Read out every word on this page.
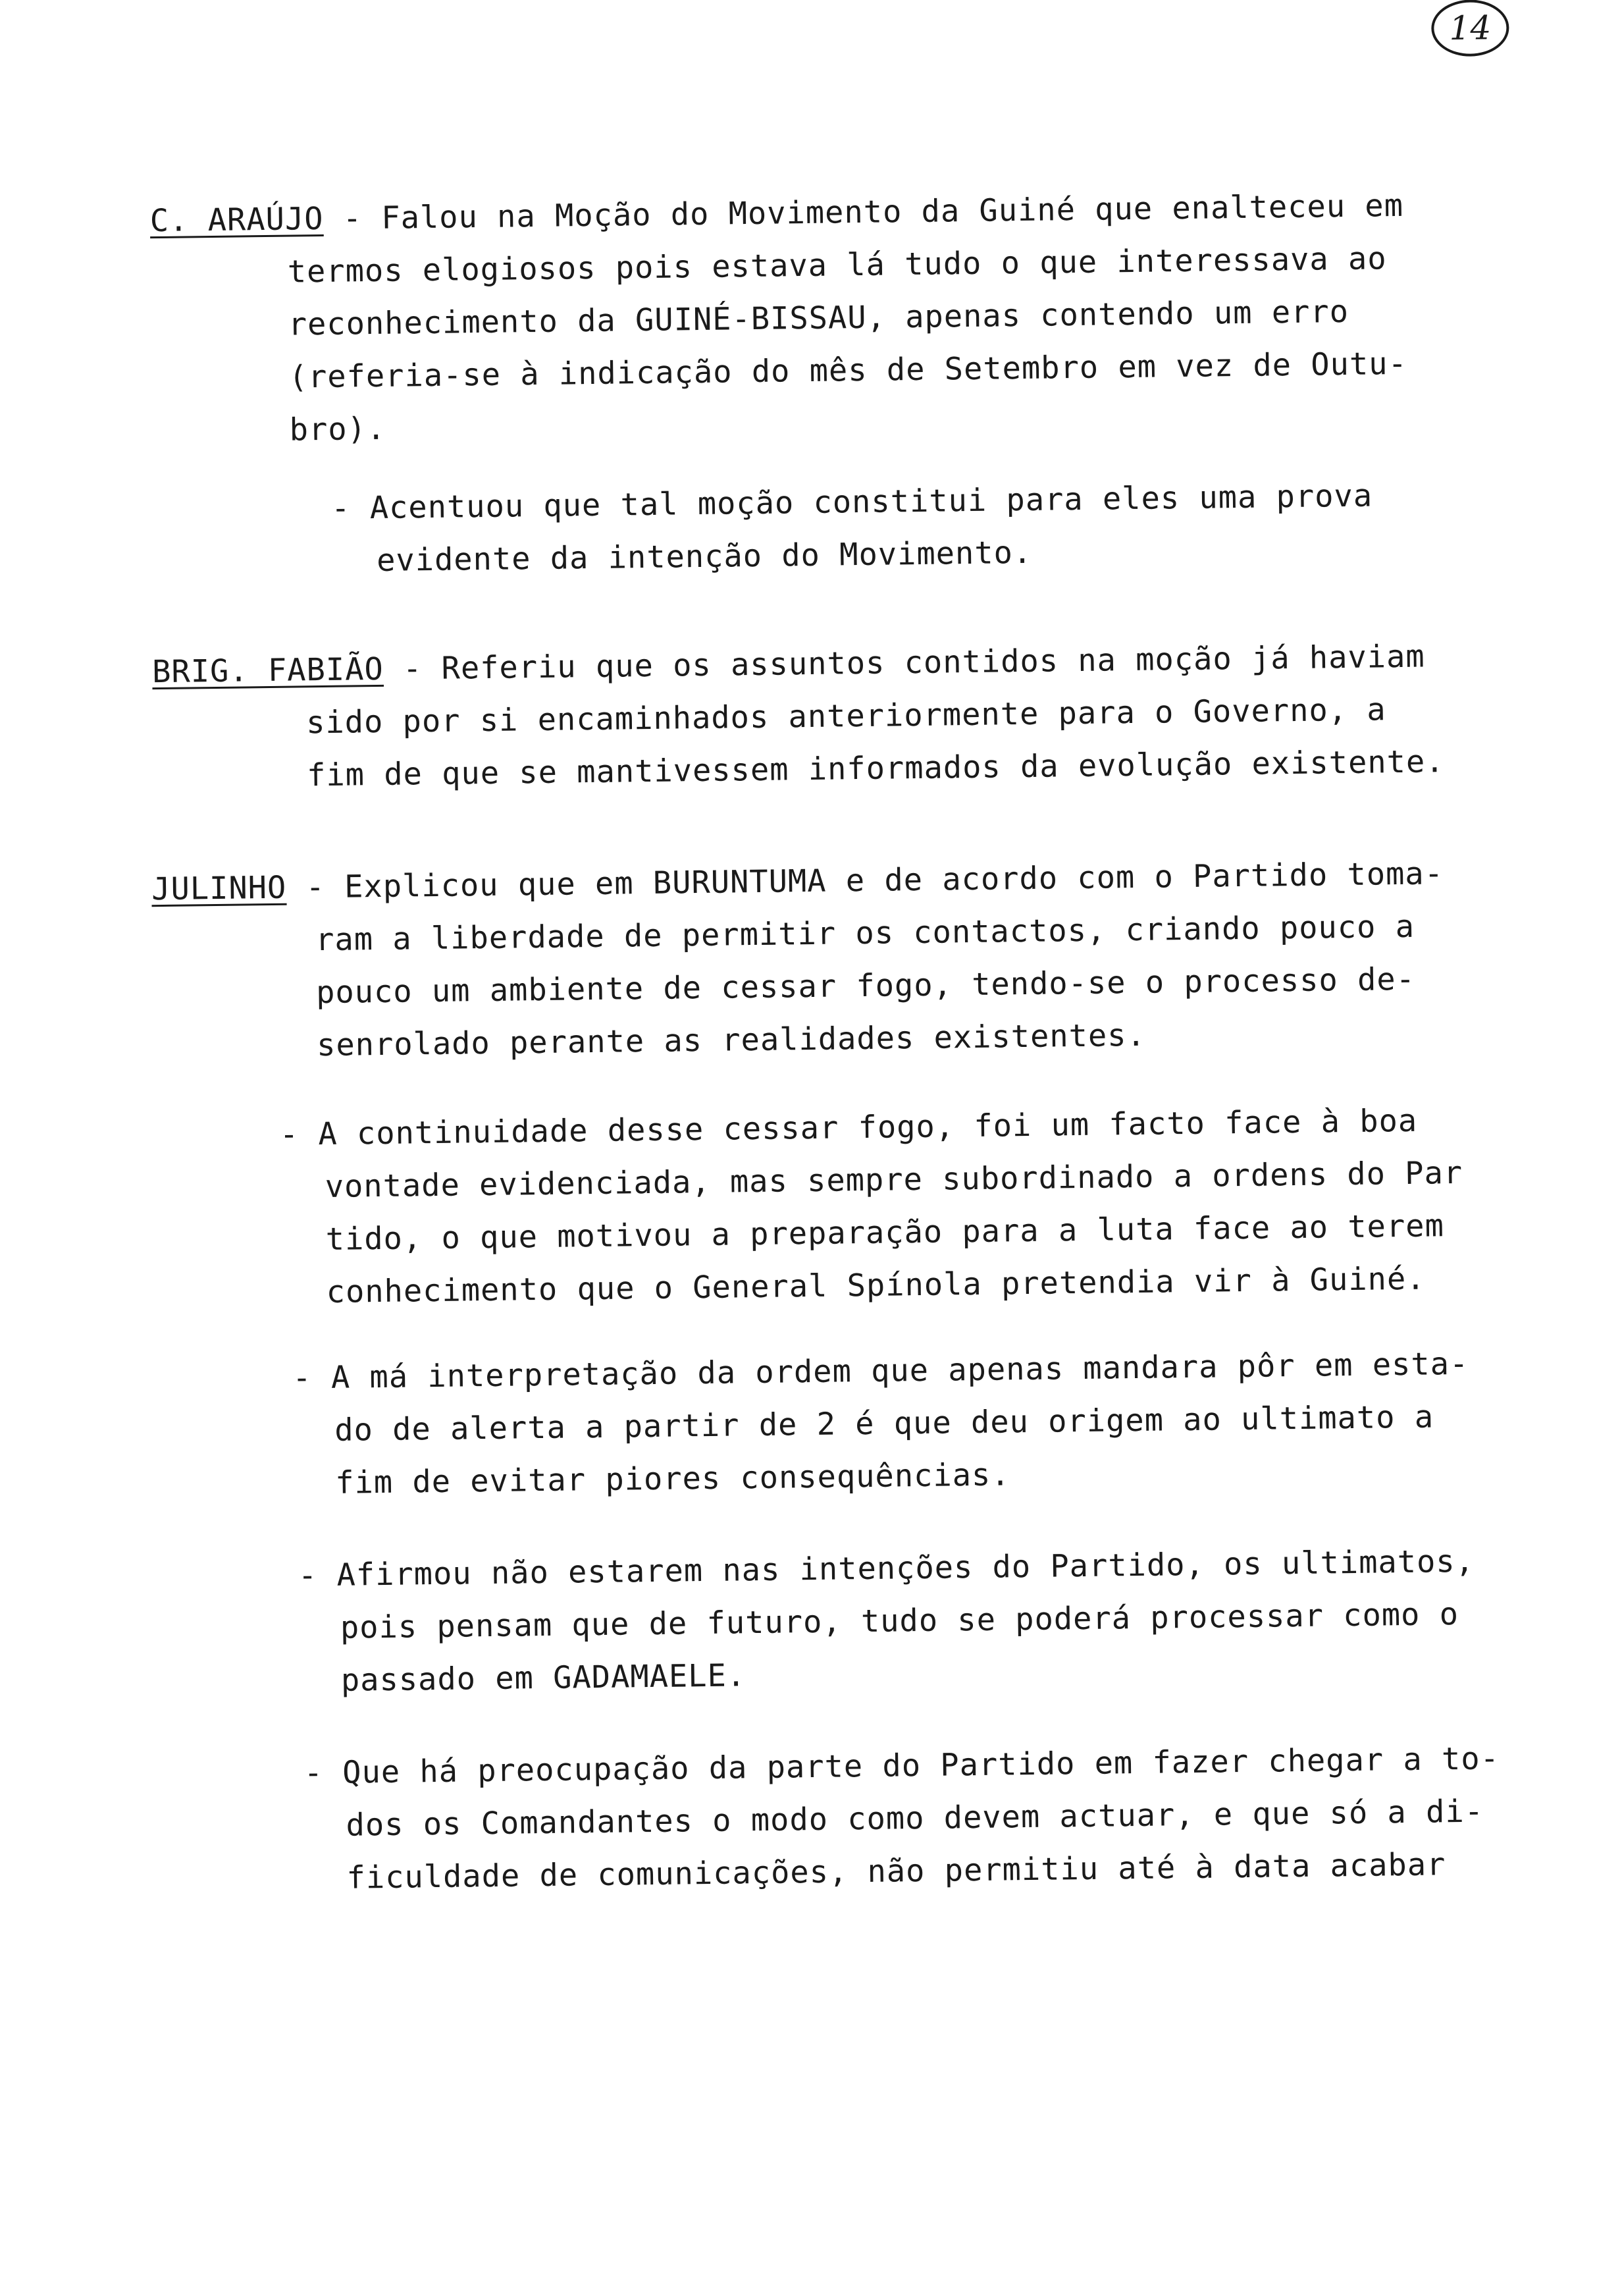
14
C. ARAÚJO - Falou na Moção do Movimento da Guiné que enalteceu em
termos elogiosos pois estava lá tudo o que interessava ao
reconhecimento da GUINÉ-BISSAU, apenas contendo um erro
(referia-se à indicação do mês de Setembro em vez de Outu-
bro).
- Acentuou que tal moção constitui para eles uma prova
evidente da intenção do Movimento.
BRIG. FABIÃO - Referiu que os assuntos contidos na moção já haviam
sido por si encaminhados anteriormente para o Governo, a
fim de que se mantivessem informados da evolução existente.
JULINHO - Explicou que em BURUNTUMA e de acordo com o Partido toma-
ram a liberdade de permitir os contactos, criando pouco a
pouco um ambiente de cessar fogo, tendo-se o processo de-
senrolado perante as realidades existentes.
- A continuidade desse cessar fogo, foi um facto face à boa
vontade evidenciada, mas sempre subordinado a ordens do Par
tido, o que motivou a preparação para a luta face ao terem
conhecimento que o General Spínola pretendia vir à Guiné.
- A má interpretação da ordem que apenas mandara pôr em esta-
do de alerta a partir de 2 é que deu origem ao ultimato a
fim de evitar piores consequências.
- Afirmou não estarem nas intenções do Partido, os ultimatos,
pois pensam que de futuro, tudo se poderá processar como o
passado em GADAMAELE.
- Que há preocupação da parte do Partido em fazer chegar a to-
dos os Comandantes o modo como devem actuar, e que só a di-
ficuldade de comunicações, não permitiu até à data acabar
